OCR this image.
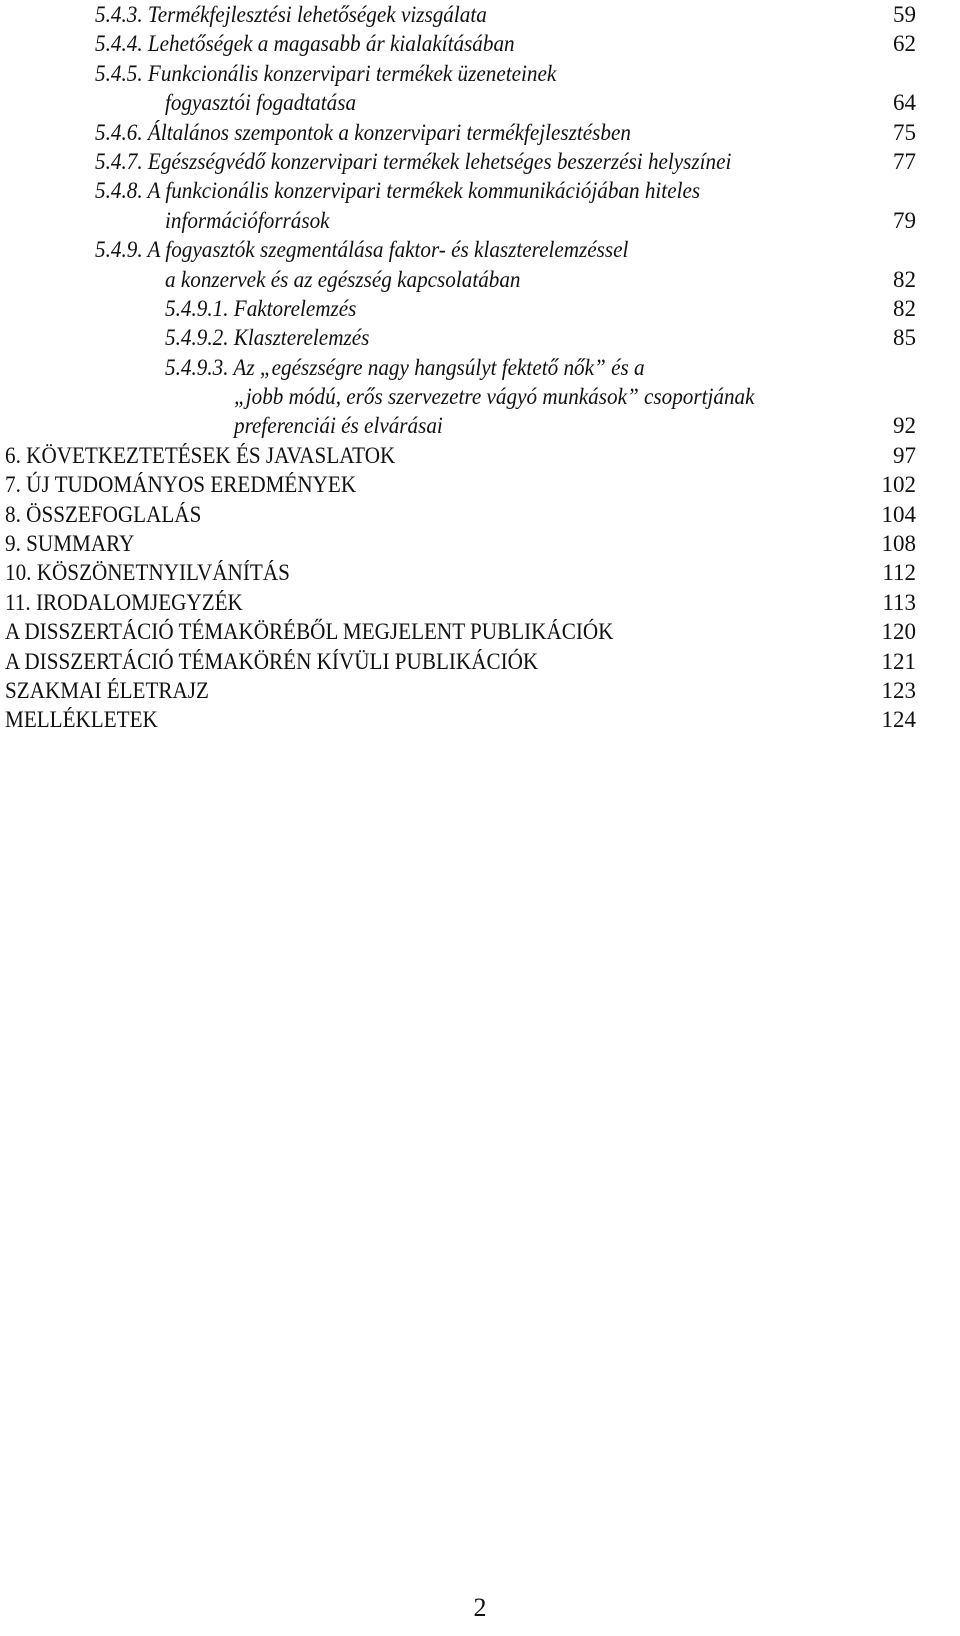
5.4.3. Termékfejlesztési lehetőségek vizsgálata	59
5.4.4. Lehetőségek a magasabb ár kialakításában	62
5.4.5. Funkcionális konzervipari termékek üzeneteinek
fogyasztói fogadtatása	64
5.4.6. Általános szempontok a konzervipari termékfejlesztésben	75
5.4.7. Egészségvédő konzervipari termékek lehetséges beszerzési helyszínei	77
5.4.8. A funkcionális konzervipari termékek kommunikációjában hiteles
információforrások	79
5.4.9. A fogyasztók szegmentálása faktor- és klaszterelemzéssel
a konzervek és az egészség kapcsolatában	82
5.4.9.1. Faktorelemzés	82
5.4.9.2. Klaszterelemzés	85
5.4.9.3. Az „egészségre nagy hangsúlyt fektető nők” és a
„jobb módú, erős szervezetre vágyó munkások” csoportjának
preferenciái és elvárásai	92
6. KÖVETKEZTETÉSEK ÉS JAVASLATOK	97
7. ÚJ TUDOMÁNYOS EREDMÉNYEK	102
8. ÖSSZEFOGLALÁS	104
9. SUMMARY	108
10. KÖSZÖNETNYILVÁNÍTÁS	112
11. IRODALOMJEGYZÉK	113
A DISSZERTÁCIÓ TÉMAKÖRÉBŐL MEGJELENT PUBLIKÁCIÓK	120
A DISSZERTÁCIÓ TÉMAKÖRÉN KÍVÜLI PUBLIKÁCIÓK	121
SZAKMAI ÉLETRAJZ	123
MELLÉKLETEK	124
2
